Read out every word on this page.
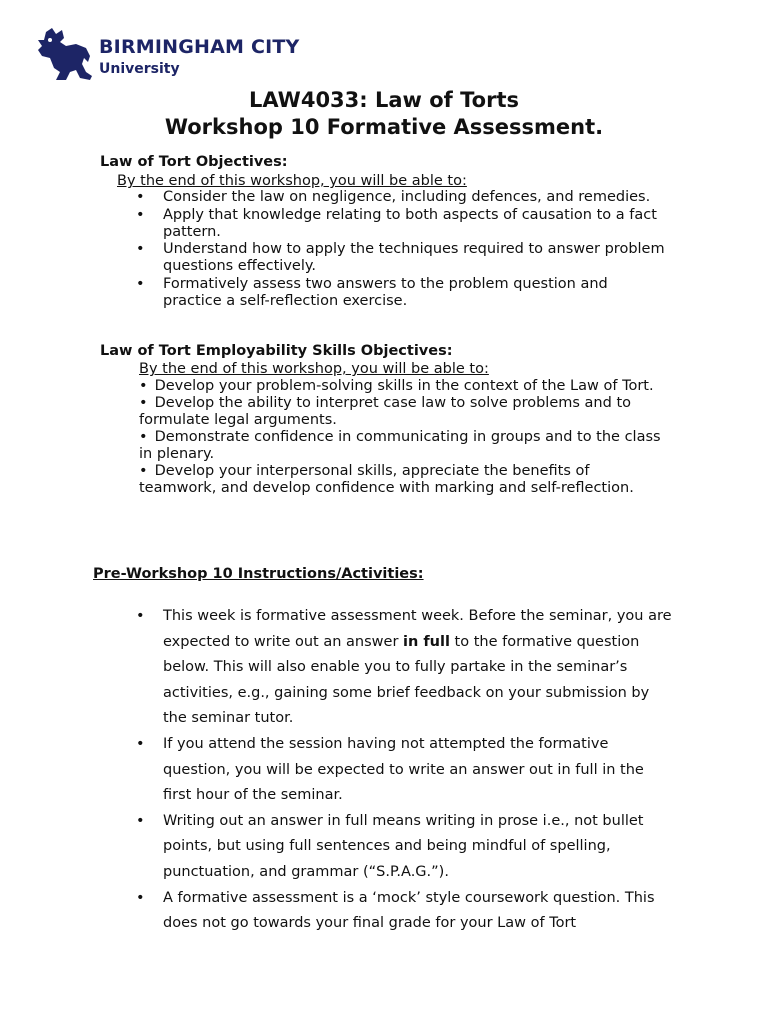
BIRMINGHAM CITY
University
LAW4033: Law of Torts
Workshop 10 Formative Assessment.
Law of Tort Objectives:
By the end of this workshop, you will be able to:
• Consider the law on negligence, including defences, and remedies.
• Apply that knowledge relating to both aspects of causation to a fact pattern.
• Understand how to apply the techniques required to answer problem questions effectively.
• Formatively assess two answers to the problem question and practice a self-reflection exercise.
Law of Tort Employability Skills Objectives:
By the end of this workshop, you will be able to:
• Develop your problem-solving skills in the context of the Law of Tort.
• Develop the ability to interpret case law to solve problems and to formulate legal arguments.
• Demonstrate confidence in communicating in groups and to the class in plenary.
• Develop your interpersonal skills, appreciate the benefits of teamwork, and develop confidence with marking and self-reflection.
Pre-Workshop 10 Instructions/Activities:
• This week is formative assessment week. Before the seminar, you are expected to write out an answer in full to the formative question below. This will also enable you to fully partake in the seminar’s activities, e.g., gaining some brief feedback on your submission by the seminar tutor.
• If you attend the session having not attempted the formative question, you will be expected to write an answer out in full in the first hour of the seminar.
• Writing out an answer in full means writing in prose i.e., not bullet points, but using full sentences and being mindful of spelling, punctuation, and grammar (“S.P.A.G.”).
• A formative assessment is a ‘mock’ style coursework question. This does not go towards your final grade for your Law of Tort
